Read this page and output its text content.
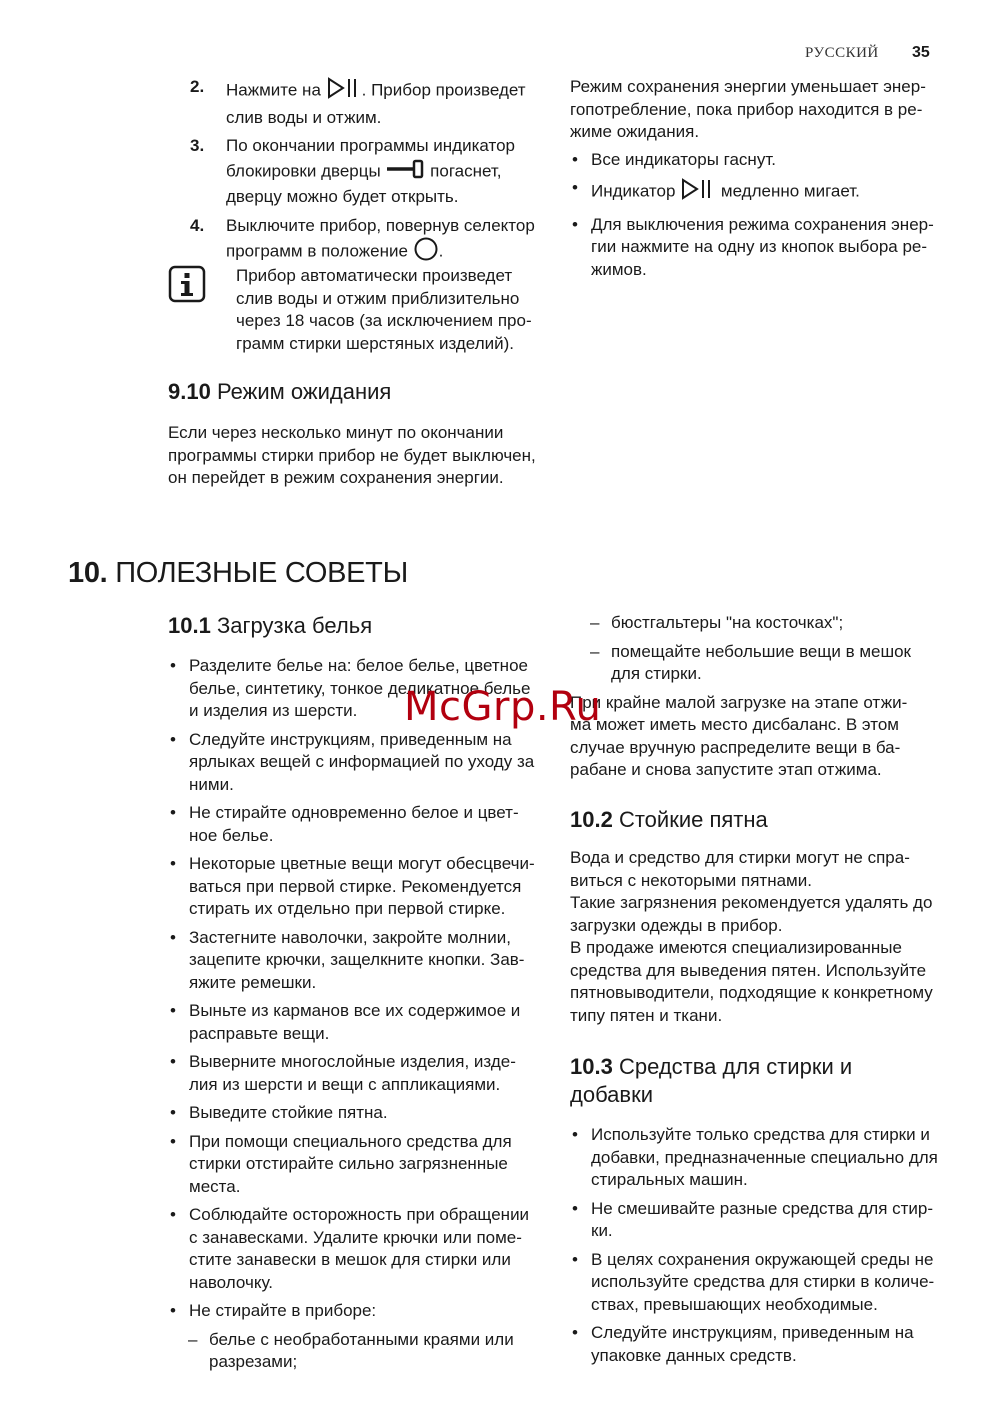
РУССКИЙ 35
2. Нажмите на . Прибор произведет
слив воды и отжим.
3. По окончании программы индикатор
блокировки дверцы	погаснет,
дверцу можно будет открыть.
4. Выключите прибор, повернув селектор
программ в положение .
Прибор автоматически произведет
слив воды и отжим приблизительно
через 18 часов (за исключением про-
грамм стирки шерстяных изделий).
9.10 Режим ожидания
Если через несколько минут по окончании
программы стирки прибор не будет выключен,
он перейдет в режим сохранения энергии.

Режим сохранения энергии уменьшает энер-
гопотребление, пока прибор находится в ре-
жиме ожидания.

• Все индикаторы гаснут.
• Индикатор	медленно мигает.
• Для выключения режима сохранения энер-
гии нажмите на одну из кнопок выбора ре-
жимов.
10. ПОЛЕЗНЫЕ СОВЕТЫ
10.1 Загрузка белья
• Разделите белье на: белое белье, цветное
белье, синтетику, тонкое деликатное белье
и изделия из шерсти.
• Следуйте инструкциям, приведенным на
ярлыках вещей с информацией по уходу за
ними.
• Не стирайте одновременно белое и цвет-
ное белье.
• Некоторые цветные вещи могут обесцвечи-
ваться при первой стирке. Рекомендуется
стирать их отдельно при первой стирке.
• Застегните наволочки, закройте молнии,
зацепите крючки, защелкните кнопки. Зав-
яжите ремешки.
• Выньте из карманов все их содержимое и
расправьте вещи.
• Выверните многослойные изделия, изде-
лия из шерсти и вещи с аппликациями.
• Выведите стойкие пятна.
• При помощи специального средства для
стирки отстирайте сильно загрязненные
места.
• Соблюдайте осторожность при обращении
с занавесками. Удалите крючки или поме-
стите занавески в мешок для стирки или
наволочку.
• Не стирайте в приборе:
– белье с необработанными краями или
разрезами;
– бюстгальтеры "на косточках";
– помещайте небольшие вещи в мешок
для стирки.

При крайне малой загрузке на этапе отжи-
ма может иметь место дисбаланс. В этом
случае вручную распределите вещи в ба-
рабане и снова запустите этап отжима.

10.2 Стойкие пятна
Вода и средство для стирки могут не спра-
виться с некоторыми пятнами.
Такие загрязнения рекомендуется удалять до
загрузки одежды в прибор.
В продаже имеются специализированные
средства для выведения пятен. Используйте
пятновыводители, подходящие к конкретному
типу пятен и ткани.
10.3 Средства для стирки и
добавки
• Используйте только средства для стирки и
добавки, предназначенные специально для
стиральных машин.
• Не смешивайте разные средства для стир-
ки.
• В целях сохранения окружающей среды не
используйте средства для стирки в количе-
ствах, превышающих необходимые.
• Следуйте инструкциям, приведенным на
упаковке данных средств.
McGrp.Ru
